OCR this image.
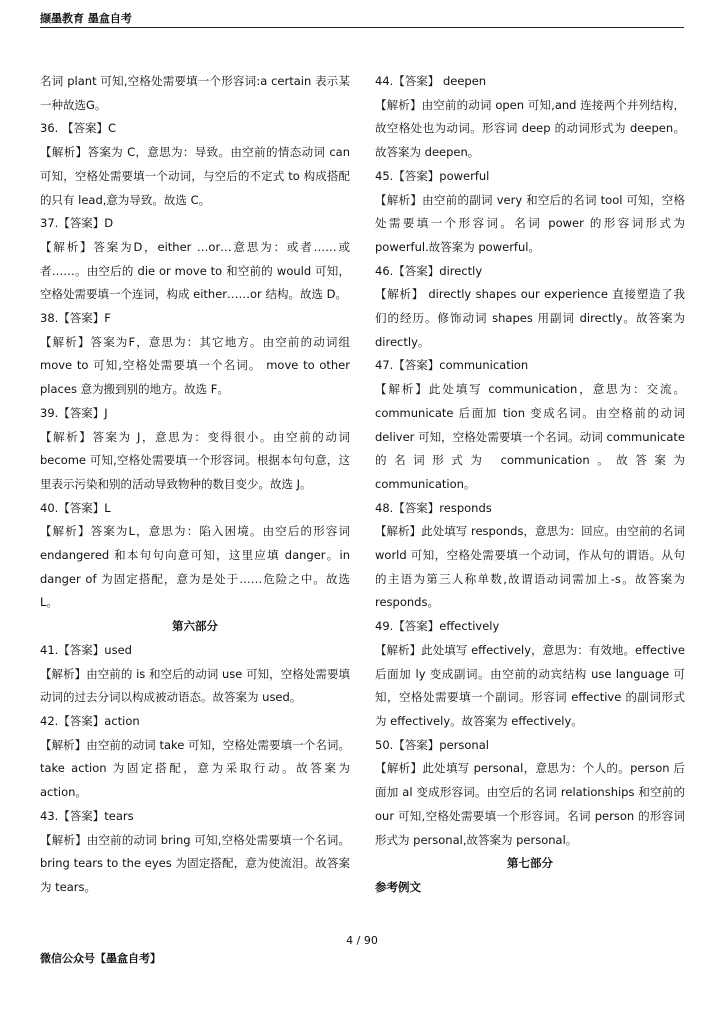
撷墨教育 墨盒自考

名词 plant 可知,空格处需要填一个形容词:a certain 表示某一种故选G。

36. 【答案】C

【解析】答案为 C，意思为：导致。由空前的情态动词 can 可知，空格处需要填一个动词，与空后的不定式 to 构成搭配的只有 lead,意为导致。故选 C。

37.【答案】D

【解析】答案为D，either …or…意思为：或者……或者……。由空后的 die or move to 和空前的 would 可知，空格处需要填一个连词，构成 either……or 结构。故选 D。

38.【答案】F

【解析】答案为F，意思为：其它地方。由空前的动词组 move to 可知,空格处需要填一个名词。 move to other places 意为搬到别的地方。故选 F。

39.【答案】J

【解析】答案为 J，意思为：变得很小。由空前的动词 become 可知,空格处需要填一个形容词。根据本句句意，这里表示污染和别的活动导致物种的数目变少。故选 J。

40.【答案】L

【解析】答案为L，意思为：陷入困境。由空后的形容词 endangered 和本句句向意可知，这里应填 danger。in danger of 为固定搭配，意为是处于……危险之中。故选 L。

第六部分

41.【答案】used

【解析】由空前的 is 和空后的动词 use 可知，空格处需要填动词的过去分词以构成被动语态。故答案为 used。

42.【答案】action

【解析】由空前的动词 take 可知，空格处需要填一个名词。take action 为固定搭配，意为采取行动。故答案为 action。

43.【答案】tears

【解析】由空前的动词 bring 可知,空格处需要填一个名词。bring tears to the eyes 为固定搭配，意为使流泪。故答案为 tears。

44.【答案】 deepen

【解析】由空前的动词 open 可知,and 连接两个并列结构，故空格处也为动词。形容词 deep 的动词形式为 deepen。故答案为 deepen。

45.【答案】powerful

【解析】由空前的副词 very 和空后的名词 tool 可知，空格处需要填一个形容词。名词 power 的形容词形式为 powerful.故答案为 powerful。

46.【答案】directly

【解析】 directly shapes our experience 直接塑造了我们的经历。修饰动词 shapes 用副词 directly。故答案为 directly。

47.【答案】communication

【解析】此处填写 communication，意思为：交流。communicate 后面加 tion 变成名词。由空格前的动词 deliver 可知，空格处需要填一个名词。动词 communicate 的名词形式为 communication。故答案为 communication。

48.【答案】responds

【解析】此处填写 responds，意思为：回应。由空前的名词 world 可知，空格处需要填一个动词，作从句的谓语。从句的主语为第三人称单数,故谓语动词需加上-s。故答案为 responds。

49.【答案】effectively

【解析】此处填写 effectively，意思为：有效地。effective 后面加 ly 变成副词。由空前的动宾结构 use language 可知，空格处需要填一个副词。形容词 effective 的副词形式为 effectively。故答案为 effectively。

50.【答案】personal

【解析】此处填写 personal，意思为：个人的。person 后面加 al 变成形容词。由空后的名词 relationships 和空前的 our 可知,空格处需要填一个形容词。名词 person 的形容词形式为 personal,故答案为 personal。

第七部分

参考例文

4 / 90
微信公众号【墨盒自考】
